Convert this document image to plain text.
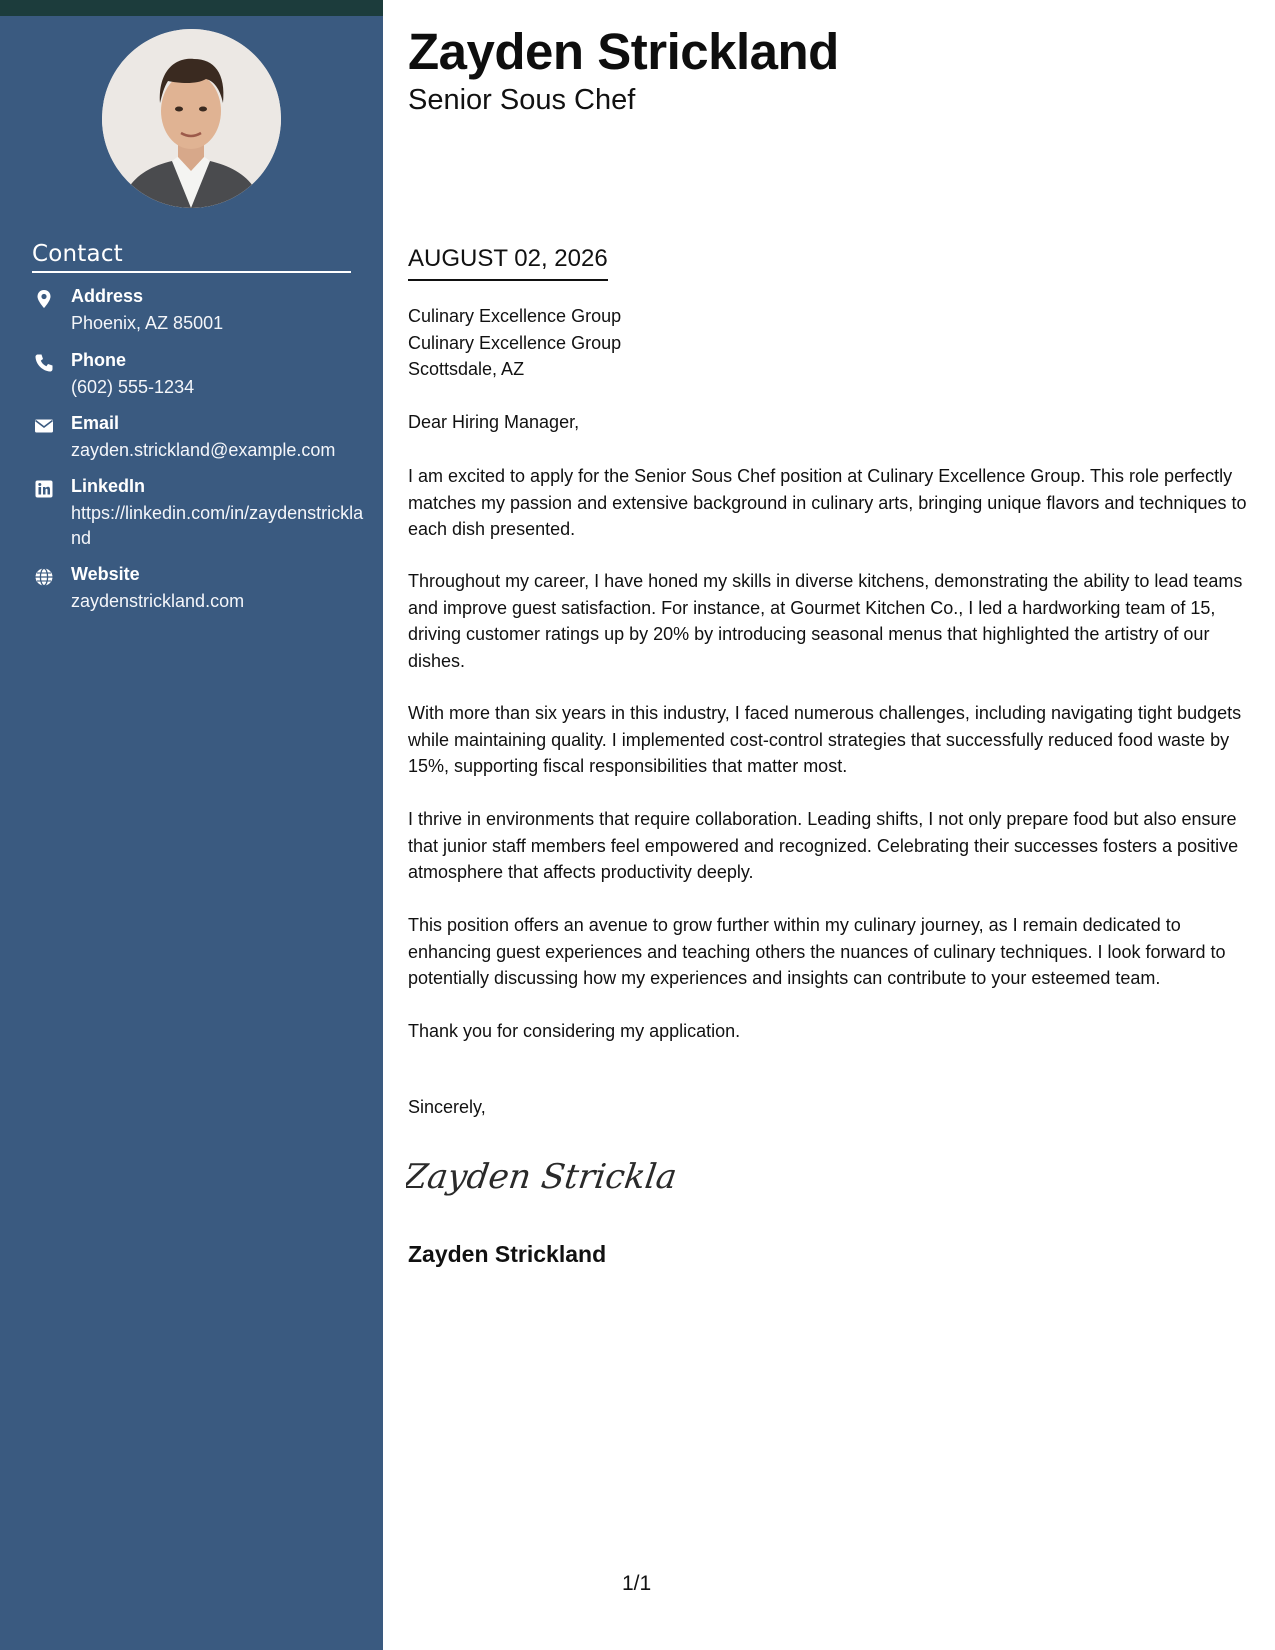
Contact
Address
Phoenix, AZ 85001
Phone
(602) 555-1234
Email
zayden.strickland@example.com
LinkedIn
https://linkedin.com/in/zaydenstrickland
Website
zaydenstrickland.com
Zayden Strickland
Senior Sous Chef
AUGUST 02, 2026
Culinary Excellence Group
Culinary Excellence Group
Scottsdale, AZ
Dear Hiring Manager,
I am excited to apply for the Senior Sous Chef position at Culinary Excellence Group. This role perfectly matches my passion and extensive background in culinary arts, bringing unique flavors and techniques to each dish presented.
Throughout my career, I have honed my skills in diverse kitchens, demonstrating the ability to lead teams and improve guest satisfaction. For instance, at Gourmet Kitchen Co., I led a hardworking team of 15, driving customer ratings up by 20% by introducing seasonal menus that highlighted the artistry of our dishes.
With more than six years in this industry, I faced numerous challenges, including navigating tight budgets while maintaining quality. I implemented cost-control strategies that successfully reduced food waste by 15%, supporting fiscal responsibilities that matter most.
I thrive in environments that require collaboration. Leading shifts, I not only prepare food but also ensure that junior staff members feel empowered and recognized. Celebrating their successes fosters a positive atmosphere that affects productivity deeply.
This position offers an avenue to grow further within my culinary journey, as I remain dedicated to enhancing guest experiences and teaching others the nuances of culinary techniques. I look forward to potentially discussing how my experiences and insights can contribute to your esteemed team.
Thank you for considering my application.
Sincerely,
Zayden Stricklan
Zayden Strickland
1/1
